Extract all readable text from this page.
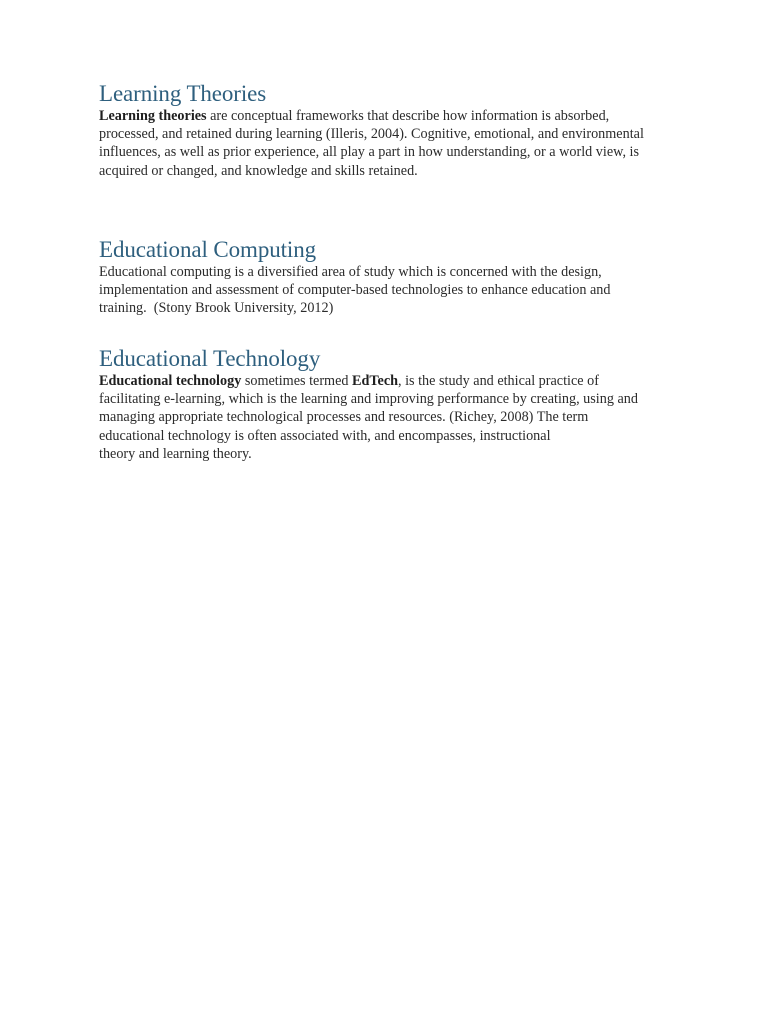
Learning Theories

Learning theories are conceptual frameworks that describe how information is absorbed,
processed, and retained during learning (Illeris, 2004). Cognitive, emotional, and environmental
influences, as well as prior experience, all play a part in how understanding, or a world view, is
acquired or changed, and knowledge and skills retained.

Educational Computing

Educational computing is a diversified area of study which is concerned with the design,
implementation and assessment of computer-based technologies to enhance education and
training.  (Stony Brook University, 2012)

Educational Technology

Educational technology sometimes termed EdTech, is the study and ethical practice of
facilitating e-learning, which is the learning and improving performance by creating, using and
managing appropriate technological processes and resources. (Richey, 2008) The term
educational technology is often associated with, and encompasses, instructional
theory and learning theory.
